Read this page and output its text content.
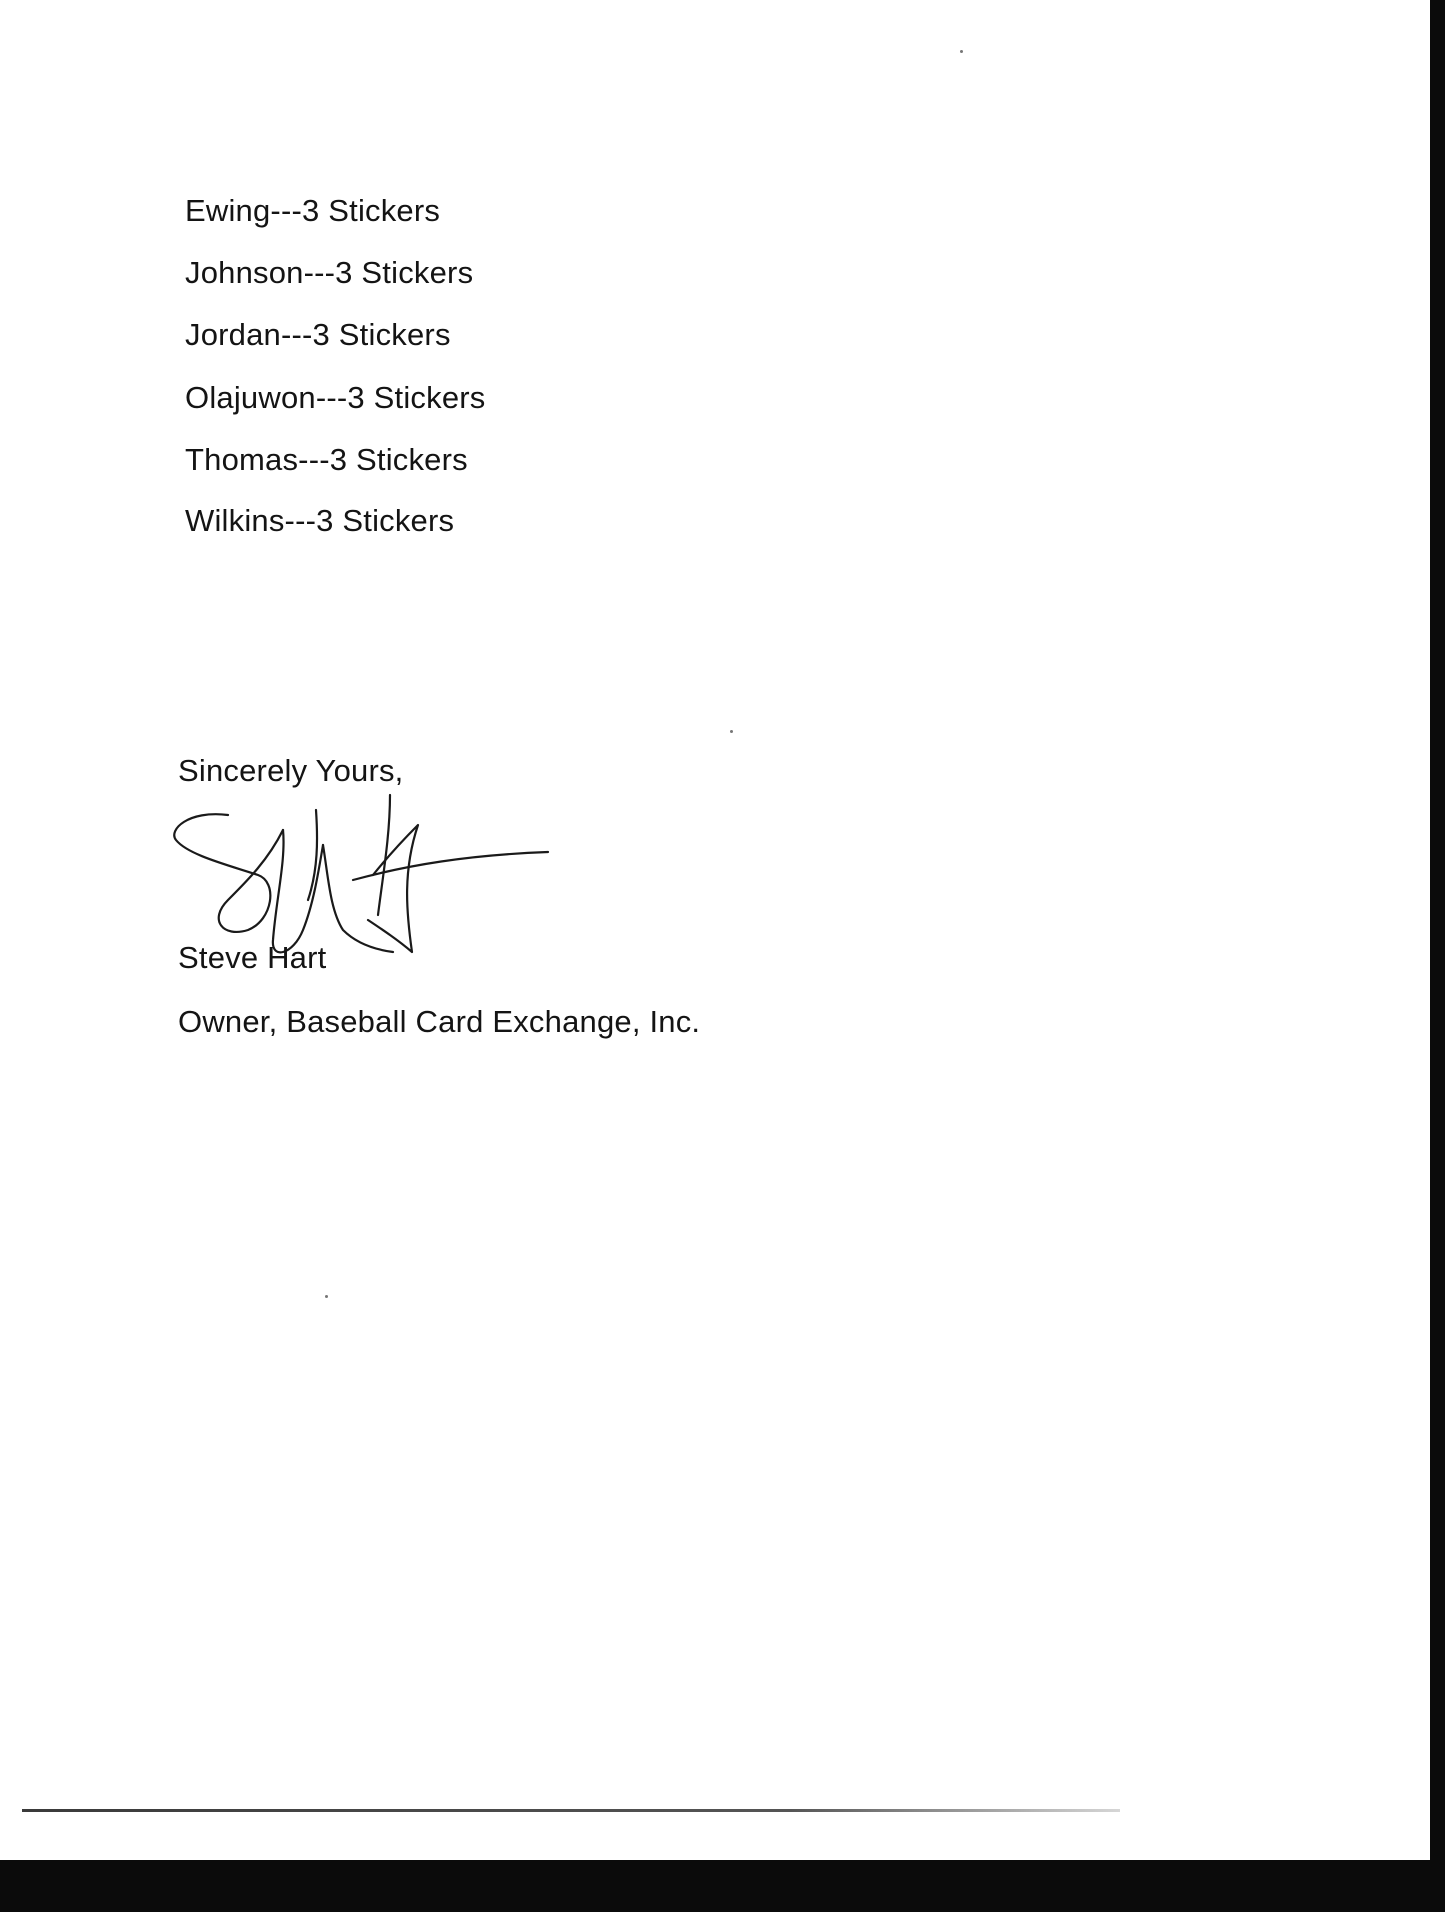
Ewing---3 Stickers

Johnson---3 Stickers

Jordan---3 Stickers

Olajuwon---3 Stickers

Thomas---3 Stickers

Wilkins---3 Stickers

Sincerely Yours,

Steve Hart

Owner, Baseball Card Exchange, Inc.
